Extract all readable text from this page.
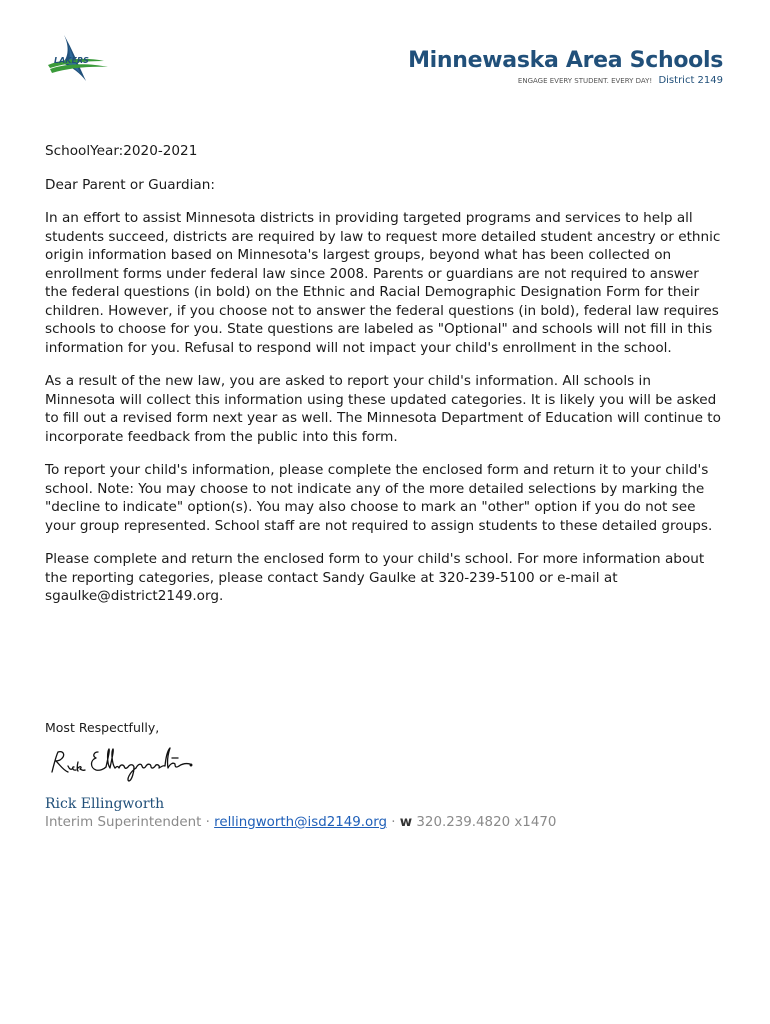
LAKERS	Minnewaska Area Schools
ENGAGE EVERY STUDENT. EVERY DAY! District 2149

SchoolYear:2020-2021

Dear Parent or Guardian:

In an effort to assist Minnesota districts in providing targeted programs and services to help all students succeed, districts are required by law to request more detailed student ancestry or ethnic origin information based on Minnesota's largest groups, beyond what has been collected on enrollment forms under federal law since 2008. Parents or guardians are not required to answer the federal questions (in bold) on the Ethnic and Racial Demographic Designation Form for their children. However, if you choose not to answer the federal questions (in bold), federal law requires schools to choose for you. State questions are labeled as "Optional" and schools will not fill in this information for you. Refusal to respond will not impact your child's enrollment in the school.

As a result of the new law, you are asked to report your child's information. All schools in Minnesota will collect this information using these updated categories. It is likely you will be asked to fill out a revised form next year as well. The Minnesota Department of Education will continue to incorporate feedback from the public into this form.

To report your child's information, please complete the enclosed form and return it to your child's school. Note: You may choose to not indicate any of the more detailed selections by marking the "decline to indicate" option(s). You may also choose to mark an "other" option if you do not see your group represented. School staff are not required to assign students to these detailed groups.

Please complete and return the enclosed form to your child's school. For more information about the reporting categories, please contact Sandy Gaulke at 320-239-5100 or e-mail at sgaulke@district2149.org.

Most Respectfully,
Rick Ellingworth
Interim Superintendent · rellingworth@isd2149.org · w 320.239.4820 x1470
